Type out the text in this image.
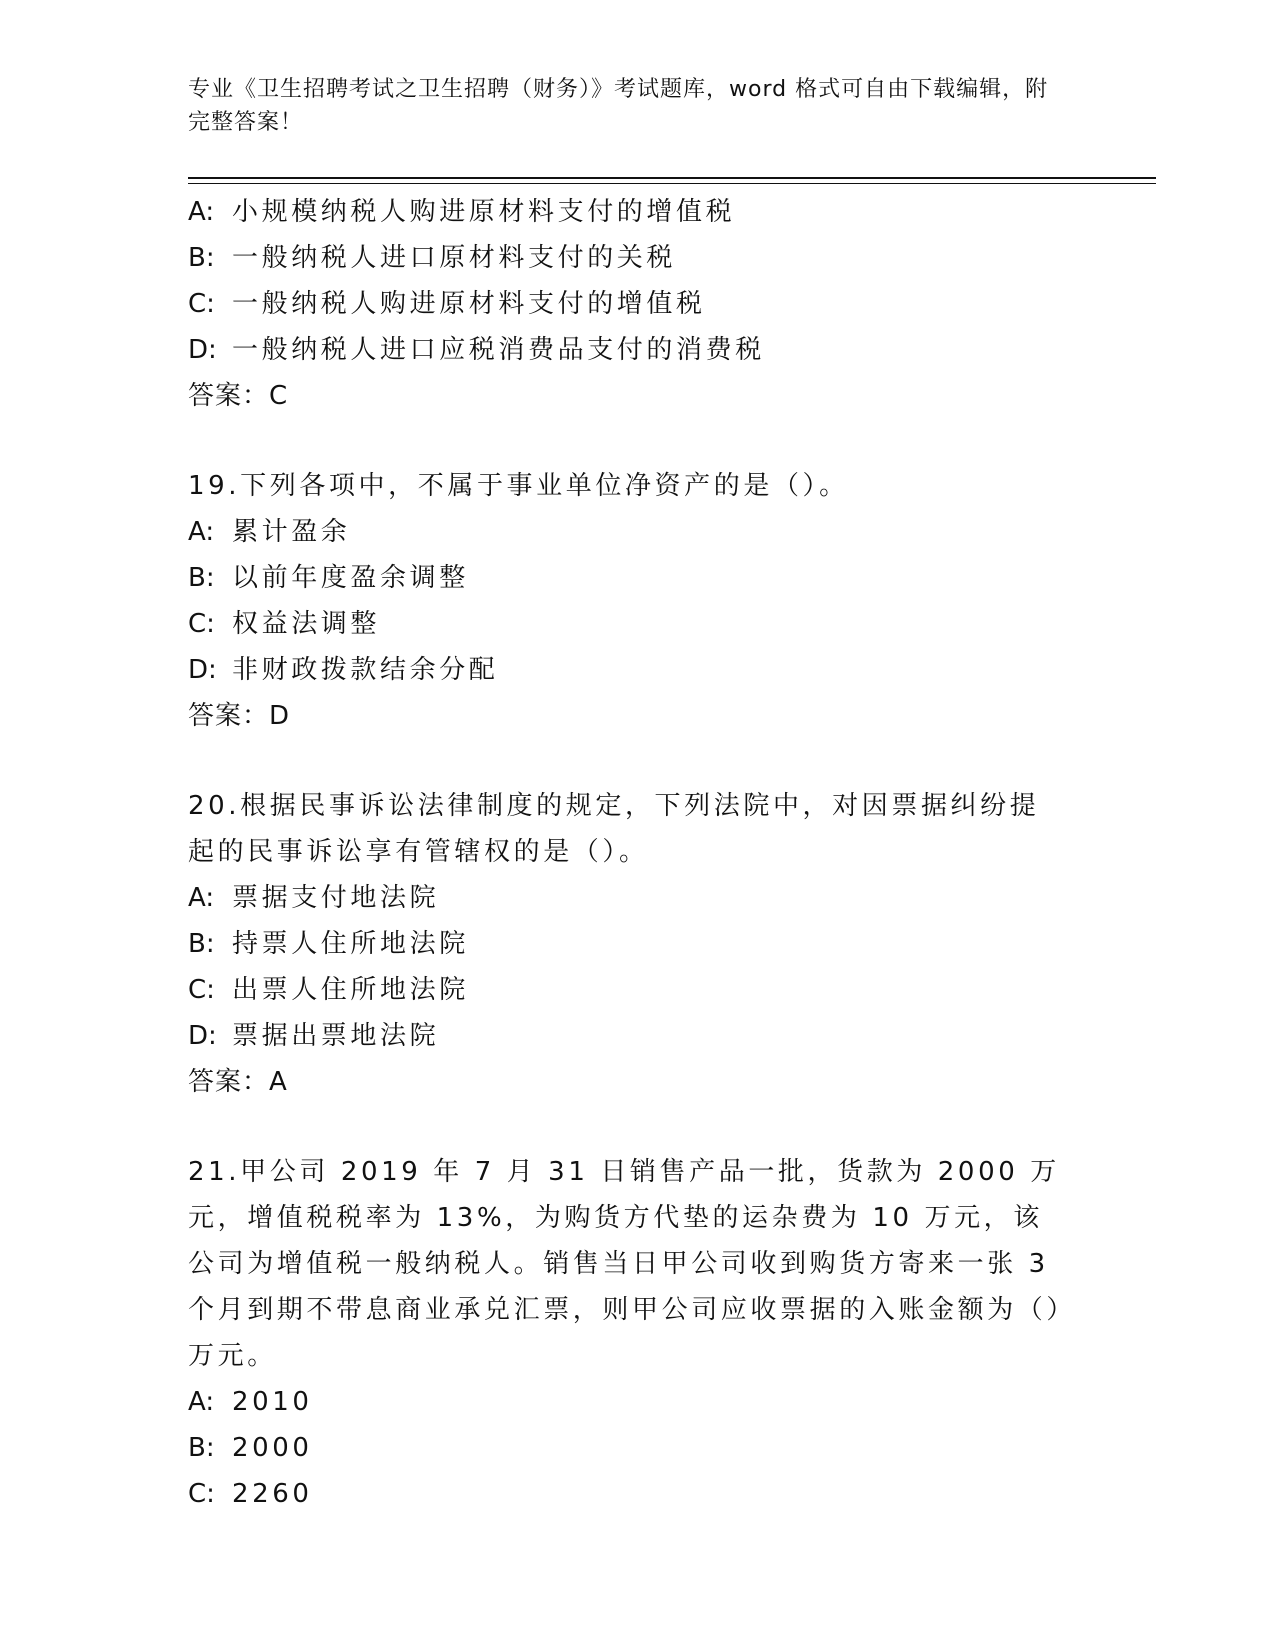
专业《卫生招聘考试之卫生招聘（财务）》考试题库，word 格式可自由下载编辑，附完整答案！
A: 小规模纳税人购进原材料支付的增值税
B: 一般纳税人进口原材料支付的关税
C: 一般纳税人购进原材料支付的增值税
D: 一般纳税人进口应税消费品支付的消费税
答案：C
19.下列各项中，不属于事业单位净资产的是（）。
A: 累计盈余
B: 以前年度盈余调整
C: 权益法调整
D: 非财政拨款结余分配
答案：D
20.根据民事诉讼法律制度的规定，下列法院中，对因票据纠纷提起的民事诉讼享有管辖权的是（）。
A: 票据支付地法院
B: 持票人住所地法院
C: 出票人住所地法院
D: 票据出票地法院
答案：A
21.甲公司 2019 年 7 月 31 日销售产品一批，货款为 2000 万元，增值税税率为 13%，为购货方代垫的运杂费为 10 万元，该公司为增值税一般纳税人。销售当日甲公司收到购货方寄来一张 3 个月到期不带息商业承兑汇票，则甲公司应收票据的入账金额为（）万元。
A: 2010
B: 2000
C: 2260
